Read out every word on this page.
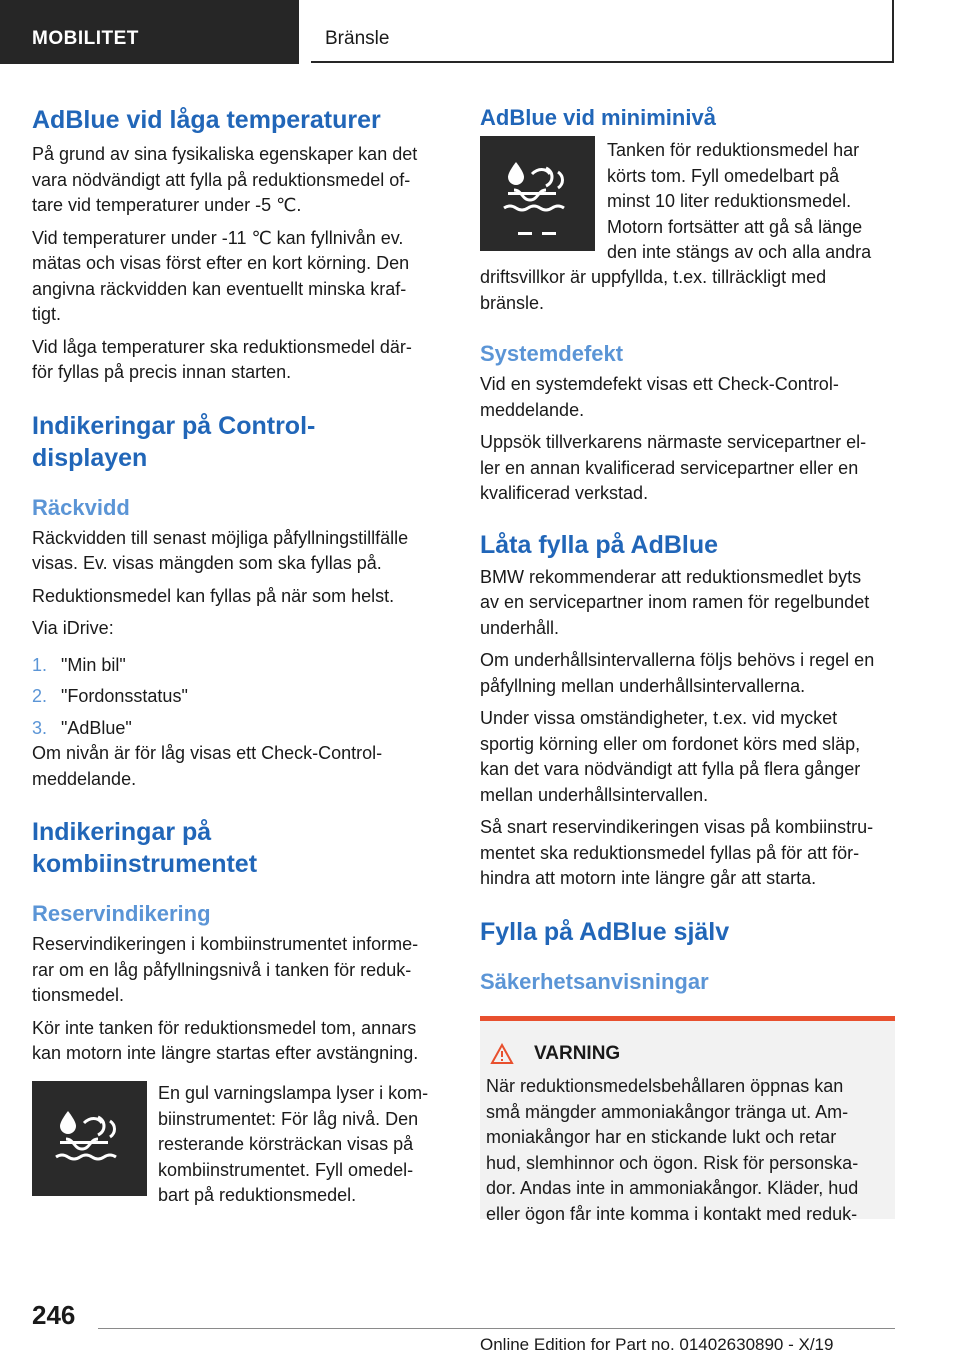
MOBILITET	Bränsle
AdBlue vid låga temperaturer

På grund av sina fysikaliska egenskaper kan det

vara nödvändigt att fylla på reduktionsmedel of-

tare vid temperaturer under -5 ℃.

Vid temperaturer under -11 ℃ kan fyllnivån ev.

mätas och visas först efter en kort körning. Den

angivna räckvidden kan eventuellt minska kraf-

tigt.

Vid låga temperaturer ska reduktionsmedel där-

för fyllas på precis innan starten.

Indikeringar på Control-
displayen
Räckvidd

Räckvidden till senast möjliga påfyllningstillfälle

visas. Ev. visas mängden som ska fyllas på.

Reduktionsmedel kan fyllas på när som helst.

Via iDrive:

1. "Min bil"
2. "Fordonsstatus"
3. "AdBlue"

Om nivån är för låg visas ett Check-Control-

meddelande.

Indikeringar på
kombiinstrumentet
Reservindikering

Reservindikeringen i kombiinstrumentet informe-

rar om en låg påfyllningsnivå i tanken för reduk-

tionsmedel.

Kör inte tanken för reduktionsmedel tom, annars

kan motorn inte längre startas efter avstängning.

En gul varningslampa lyser i kom-

biinstrumentet: För låg nivå. Den

resterande körsträckan visas på

kombiinstrumentet. Fyll omedel-

bart på reduktionsmedel.

AdBlue vid miniminivå

Tanken för reduktionsmedel har

körts tom. Fyll omedelbart på

minst 10 liter reduktionsmedel.

Motorn fortsätter att gå så länge

den inte stängs av och alla andra

driftsvillkor är uppfyllda, t.ex. tillräckligt med

bränsle.

Systemdefekt

Vid en systemdefekt visas ett Check-Control-

meddelande.

Uppsök tillverkarens närmaste servicepartner el-

ler en annan kvalificerad servicepartner eller en

kvalificerad verkstad.

Låta fylla på AdBlue

BMW rekommenderar att reduktionsmedlet byts

av en servicepartner inom ramen för regelbundet

underhåll.

Om underhållsintervallerna följs behövs i regel en

påfyllning mellan underhållsintervallerna.

Under vissa omständigheter, t.ex. vid mycket

sportig körning eller om fordonet körs med släp,

kan det vara nödvändigt att fylla på flera gånger

mellan underhållsintervallen.

Så snart reservindikeringen visas på kombiinstru-

mentet ska reduktionsmedel fyllas på för att för-

hindra att motorn inte längre går att starta.

Fylla på AdBlue själv
Säkerhetsanvisningar
VARNING

När reduktionsmedelsbehållaren öppnas kan

små mängder ammoniakångor tränga ut. Am-

moniakångor har en stickande lukt och retar

hud, slemhinnor och ögon. Risk för personska-

dor. Andas inte in ammoniakångor. Kläder, hud

eller ögon får inte komma i kontakt med reduk-

246
Online Edition for Part no. 01402630890 - X/19
